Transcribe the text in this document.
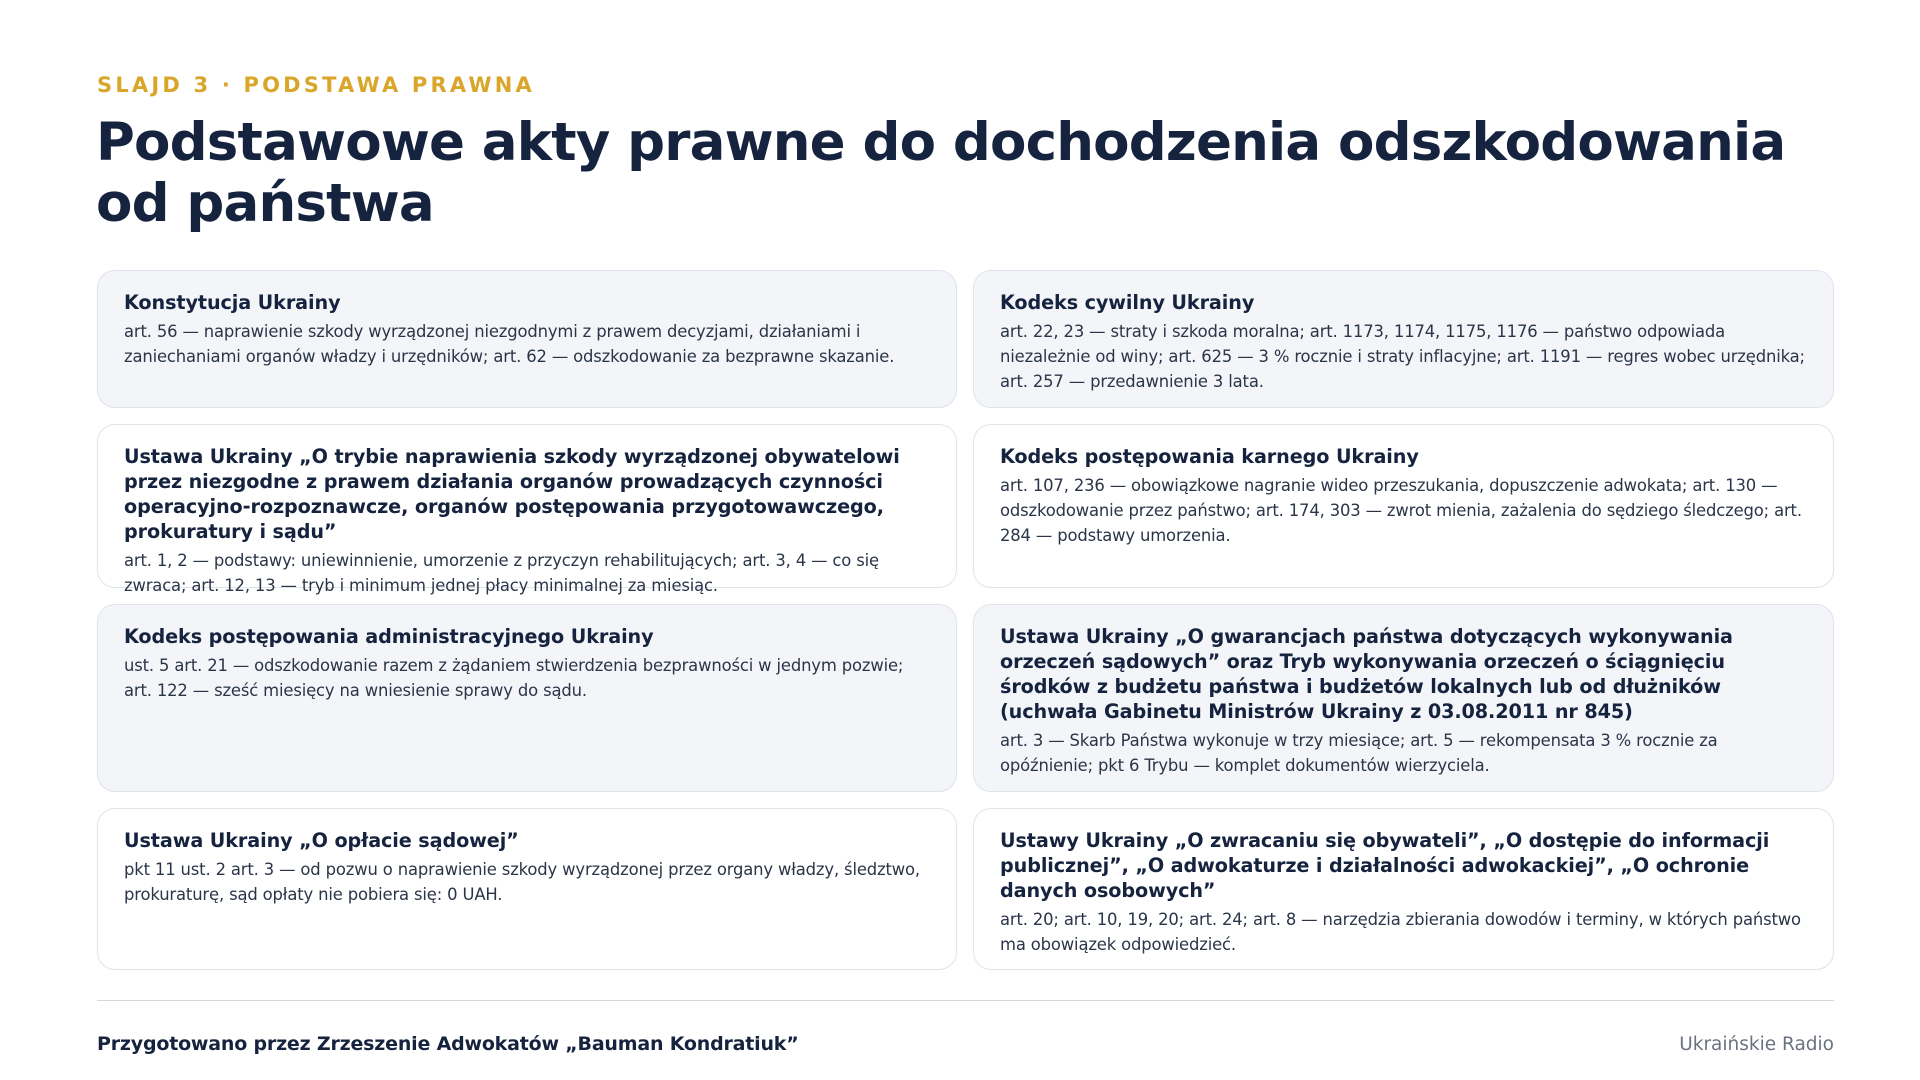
SLAJD 3 · PODSTAWA PRAWNA
Podstawowe akty prawne do dochodzenia odszkodowania od państwa
Konstytucja Ukrainy
art. 56 — naprawienie szkody wyrządzonej niezgodnymi z prawem decyzjami, działaniami i zaniechaniami organów władzy i urzędników; art. 62 — odszkodowanie za bezprawne skazanie.
Kodeks cywilny Ukrainy
art. 22, 23 — straty i szkoda moralna; art. 1173, 1174, 1175, 1176 — państwo odpowiada niezależnie od winy; art. 625 — 3 % rocznie i straty inflacyjne; art. 1191 — regres wobec urzędnika; art. 257 — przedawnienie 3 lata.
Ustawa Ukrainy „O trybie naprawienia szkody wyrządzonej obywatelowi przez niezgodne z prawem działania organów prowadzących czynności operacyjno-rozpoznawcze, organów postępowania przygotowawczego, prokuratury i sądu”
art. 1, 2 — podstawy: uniewinnienie, umorzenie z przyczyn rehabilitujących; art. 3, 4 — co się zwraca; art. 12, 13 — tryb i minimum jednej płacy minimalnej za miesiąc.
Kodeks postępowania karnego Ukrainy
art. 107, 236 — obowiązkowe nagranie wideo przeszukania, dopuszczenie adwokata; art. 130 — odszkodowanie przez państwo; art. 174, 303 — zwrot mienia, zażalenia do sędziego śledczego; art. 284 — podstawy umorzenia.
Kodeks postępowania administracyjnego Ukrainy
ust. 5 art. 21 — odszkodowanie razem z żądaniem stwierdzenia bezprawności w jednym pozwie; art. 122 — sześć miesięcy na wniesienie sprawy do sądu.
Ustawa Ukrainy „O gwarancjach państwa dotyczących wykonywania orzeczeń sądowych” oraz Tryb wykonywania orzeczeń o ściągnięciu środków z budżetu państwa i budżetów lokalnych lub od dłużników (uchwała Gabinetu Ministrów Ukrainy z 03.08.2011 nr 845)
art. 3 — Skarb Państwa wykonuje w trzy miesiące; art. 5 — rekompensata 3 % rocznie za opóźnienie; pkt 6 Trybu — komplet dokumentów wierzyciela.
Ustawa Ukrainy „O opłacie sądowej”
pkt 11 ust. 2 art. 3 — od pozwu o naprawienie szkody wyrządzonej przez organy władzy, śledztwo, prokuraturę, sąd opłaty nie pobiera się: 0 UAH.
Ustawy Ukrainy „O zwracaniu się obywateli”, „O dostępie do informacji publicznej”, „O adwokaturze i działalności adwokackiej”, „O ochronie danych osobowych”
art. 20; art. 10, 19, 20; art. 24; art. 8 — narzędzia zbierania dowodów i terminy, w których państwo ma obowiązek odpowiedzieć.
Przygotowano przez Zrzeszenie Adwokatów „Bauman Kondratiuk”	Ukraińskie Radio
